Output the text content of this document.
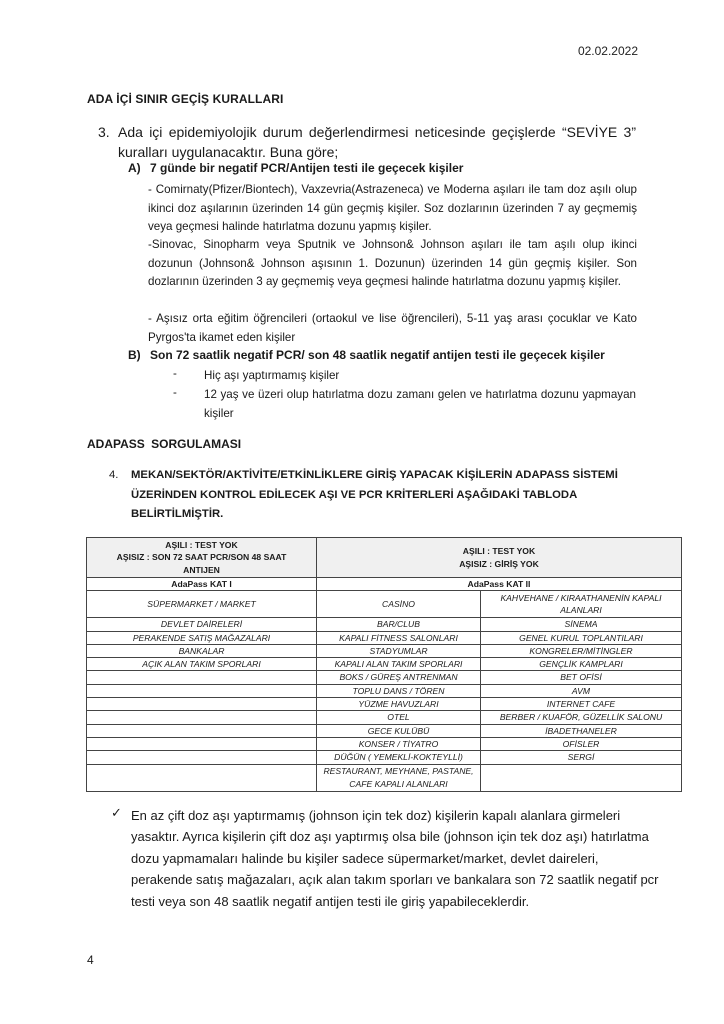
02.02.2022
ADA İÇİ SINIR GEÇİŞ KURALLARI
3. Ada içi epidemiyolojik durum değerlendirmesi neticesinde geçişlerde “SEVİYE 3” kuralları uygulanacaktır. Buna göre;
A) 7 günde bir negatif PCR/Antijen testi ile geçecek kişiler
- Comirnaty(Pfizer/Biontech), Vaxzevria(Astrazeneca) ve Moderna aşıları ile tam doz aşılı olup ikinci doz aşılarının üzerinden 14 gün geçmiş kişiler. Soz dozlarının üzerinden 7 ay geçmemiş veya geçmesi halinde hatırlatma dozunu yapmış kişiler.
-Sinovac, Sinopharm veya Sputnik ve Johnson& Johnson aşıları ile tam aşılı olup ikinci dozunun (Johnson& Johnson aşısının 1. Dozunun) üzerinden 14 gün geçmiş kişiler. Son dozlarının üzerinden 3 ay geçmemiş veya geçmesi halinde hatırlatma dozunu yapmış kişiler.
- Aşısız orta eğitim öğrencileri (ortaokul ve lise öğrencileri), 5-11 yaş arası çocuklar ve Kato Pyrgos'ta ikamet eden kişiler
B) Son 72 saatlik negatif PCR/ son 48 saatlik negatif antijen testi ile geçecek kişiler
- Hiç aşı yaptırmamış kişiler
- 12 yaş ve üzeri olup hatırlatma dozu zamanı gelen ve hatırlatma dozunu yapmayan kişiler
ADAPASS SORGULAMASI
4. MEKAN/SEKTÖR/AKTİVİTE/ETKİNLİKLERE GİRİŞ YAPACAK KİŞİLERİN ADAPASS SİSTEMİ ÜZERİNDEN KONTROL EDİLECEK AŞI VE PCR KRİTERLERİ AŞAĞIDAKİ TABLODA BELİRTİLMİŞTİR.
AŞILI : TEST YOK
AŞISIZ : SON 72 SAAT PCR/SON 48 SAAT
ANTIJEN

AŞILI : TEST YOK
AŞISIZ : GİRİŞ YOK

AdaPass KAT I	AdaPass KAT II	
SÜPERMARKET / MARKET	CASİNO	KAHVEHANE / KIRAATHANENİN KAPALI ALANLARI
DEVLET DAİRELERİ	BAR/CLUB	SİNEMA
PERAKENDE SATIŞ MAĞAZALARI	KAPALI FİTNESS SALONLARI	GENEL KURUL TOPLANTILARI
BANKALAR	STADYUMLAR	KONGRELER/MİTİNGLER
AÇIK ALAN TAKIM SPORLARI	KAPALI ALAN TAKIM SPORLARI	GENÇLİK KAMPLARI
	BOKS / GÜREŞ ANTRENMAN	BET OFİSİ
	TOPLU DANS / TÖREN	AVM
	YÜZME HAVUZLARI	INTERNET CAFE
	OTEL	BERBER / KUAFÖR, GÜZELLİK SALONU
	GECE KULÜBÜ	İBADETHANELER
	KONSER / TİYATRO	OFİSLER
	DÜĞÜN ( YEMEKLİ-KOKTEYLLİ)	SERGİ
	RESTAURANT, MEYHANE, PASTANE, CAFE KAPALI ALANLARI	
✓ En az çift doz aşı yaptırmamış (johnson için tek doz) kişilerin kapalı alanlara girmeleri yasaktır. Ayrıca kişilerin çift doz aşı yaptırmış olsa bile (johnson için tek doz aşı) hatırlatma dozu yapmamaları halinde bu kişiler sadece süpermarket/market, devlet daireleri, perakende satış mağazaları, açık alan takım sporları ve bankalara son 72 saatlik negatif pcr testi veya son 48 saatlik negatif antijen testi ile giriş yapabileceklerdir.
4
